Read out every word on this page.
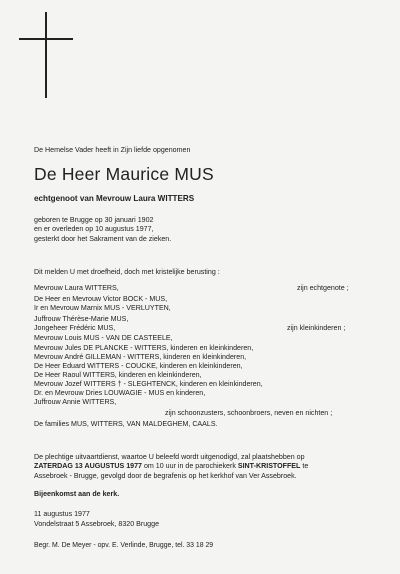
De Hemelse Vader heeft in Zijn liefde opgenomen
De Heer Maurice MUS
echtgenoot van Mevrouw Laura WITTERS
geboren te Brugge op 30 januari 1902
en er overleden op 10 augustus 1977,
gesterkt door het Sakrament van de zieken.
Dit melden U met droefheid, doch met kristelijke berusting :
Mevrouw Laura WITTERS,
De Heer en Mevrouw Victor BOCK - MUS,
Ir en Mevrouw Marnix MUS - VERLUYTEN,
Juffrouw Thérèse-Marie MUS,
Jongeheer Frédéric MUS,
Mevrouw Louis MUS - VAN DE CASTEELE,
Mevrouw Jules DE PLANCKE - WITTERS, kinderen en kleinkinderen,
Mevrouw André GILLEMAN - WITTERS, kinderen en kleinkinderen,
De Heer Eduard WITTERS - COUCKE, kinderen en kleinkinderen,
De Heer Raoul WITTERS, kinderen en kleinkinderen,
Mevrouw Jozef WITTERS † - SLEGHTENCK, kinderen en kleinkinderen,
Dr. en Mevrouw Dries LOUWAGIE - MUS en kinderen,
Juffrouw Annie WITTERS,
zijn echtgenote ;
zijn kleinkinderen ;
zijn schoonzusters, schoonbroers, neven en nichten ;
De families MUS, WITTERS, VAN MALDEGHEM, CAALS.
De plechtige uitvaartdienst, waartoe U beleefd wordt uitgenodigd, zal plaatshebben op
ZATERDAG 13 AUGUSTUS 1977 om 10 uur in de parochiekerk SINT-KRISTOFFEL te
Assebroek - Brugge, gevolgd door de begrafenis op het kerkhof van Ver Assebroek.
Bijeenkomst aan de kerk.
11 augustus 1977
Vondelstraat 5 Assebroek, 8320 Brugge
Begr. M. De Meyer - opv. E. Verlinde, Brugge, tel. 33 18 29
